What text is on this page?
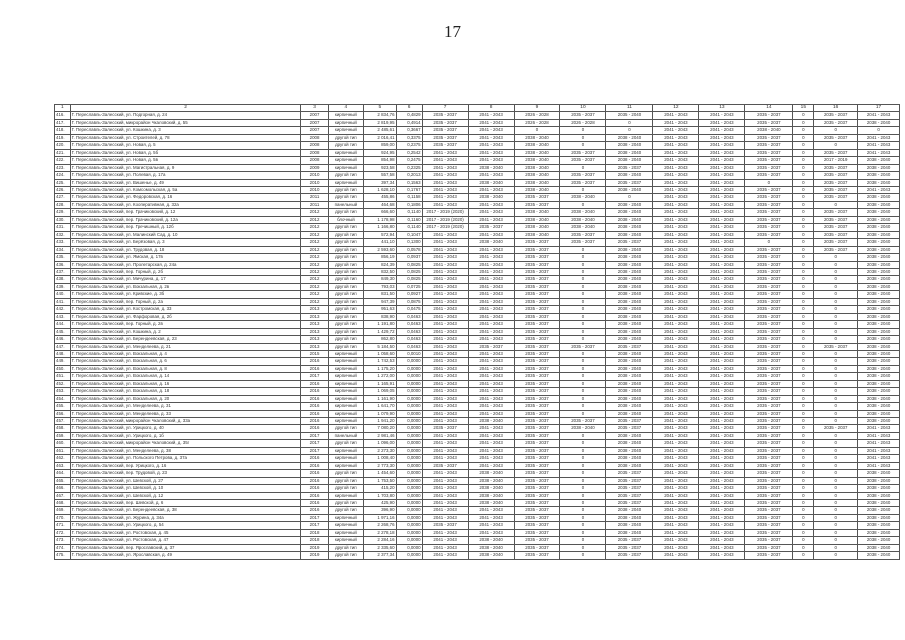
17
1	2	3	4	5	6	7	8	9	10	11	12	13	14	15	16	17
416.	Г. Переславль-Залесский, ул. Подгорная, д. 24	2007	кирпичный	2 834,76	0,4829	2035 - 2037	2041 - 2043	2026 - 2028	2035 - 2037	2035 - 2040	2041 - 2043	2041 - 2043	2035 - 2037	0	2035 - 2037	2041 - 2043
417.	Г. Переславль-Залесский, микрорайон Чкаловский, д. 55	2007	кирпичный	2 819,95	0,4914	2035 - 2037	2041 - 2043	2026 - 2028	2026 - 2028	0	2041 - 2043	2041 - 2043	2035 - 2037	0	2035 - 2037	2038 - 2040
418.	Г. Переславль-Залесский, ул. Кошкина, д. 3	2007	кирпичный	2 485,61	0,3667	2035 - 2037	2041 - 2043	0	0	0	2041 - 2043	2041 - 2043	2038 - 2040	0	0	0
419.	Г. Переславль-Залесский, ул. Строителей, д. 78	2008	другой тип	2 016,41	0,3375	2035 - 2037	2041 - 2043	2038 - 2040	0	2038 - 2040	2041 - 2043	2041 - 2043	2035 - 2037	0	2035 - 2037	2041 - 2043
420.	Г. Переславль-Залесский, ул. Новая, д. 5	2008	другой тип	859,00	0,2375	2035 - 2037	2041 - 2043	2038 - 2040	0	2038 - 2040	2041 - 2043	2041 - 2043	2035 - 2037	0	0	2041 - 2043
421.	Г. Переславль-Залесский, ул. Новая, д. 5б	2008	кирпичный	924,95	0,2542	2041 - 2043	2041 - 2043	2038 - 2040	2035 - 2037	2038 - 2040	2041 - 2043	2041 - 2043	2035 - 2037	0	2035 - 2037	2041 - 2043
422.	Г. Переславль-Залесский, ул. Новая, д. 5в	2008	кирпичный	854,98	0,2475	2041 - 2043	2041 - 2043	2038 - 2040	2035 - 2037	2038 - 2040	2041 - 2043	2041 - 2043	2035 - 2037	0	2017 - 2019	2038 - 2040
423.	Г. Переславль-Залесский, ул. Магистральная, д. 9	2009	кирпичный	923,58	0,2325	2041 - 2043	2038 - 2040	2038 - 2040	0	2035 - 2037	2041 - 2043	2041 - 2043	2035 - 2037	0	2035 - 2037	2038 - 2040
424.	Г. Переславль-Залесский, ул. Полевая, д. 17а	2010	другой тип	557,58	0,2013	2041 - 2043	2041 - 2043	2038 - 2040	2035 - 2037	2038 - 2040	2041 - 2043	2041 - 2043	2035 - 2037	0	2035 - 2037	2038 - 2040
425.	Г. Переславль-Залесский, ул. Вишенье, д. 49	2010	кирпичный	397,34	0,1563	2041 - 2043	2038 - 2040	2038 - 2040	2035 - 2037	2035 - 2037	2041 - 2043	2041 - 2043	0	0	2035 - 2037	2038 - 2040
426.	Г. Переславль-Залесский, ул. Комсомольская, д. 5а	2010	другой тип	1 628,10	0,1767	2041 - 2043	2041 - 2043	2038 - 2040	0	2038 - 2040	2041 - 2043	2041 - 2043	2035 - 2037	0	2035 - 2037	2041 - 2043
427.	Г. Переславль-Залесский, ул. Федоровская, д. 16	2011	другой тип	455,86	0,1158	2041 - 2043	2038 - 2040	2035 - 2037	2038 - 2040	0	2041 - 2043	2041 - 2043	2035 - 2037	0	2035 - 2037	2038 - 2040
428.	Г. Переславль-Залесский, ул. Кооперативная, д. 32а	2011	панельный	464,68	0,1806	2041 - 2043	2041 - 2043	2035 - 2037	0	2038 - 2040	2041 - 2043	2041 - 2043	2035 - 2037	0	0	2038 - 2040
429.	Г. Переславль-Залесский, пер. Грачиковский, д. 12	2012	другой тип	666,60	0,1140	2017 - 2019 (2020)	2041 - 2043	2038 - 2040	2038 - 2040	2038 - 2040	2041 - 2043	2041 - 2043	2035 - 2037	0	2035 - 2037	2038 - 2040
430.	Г. Переславль-Залесский, пер. Грачиковский, д. 12а	2012	блочный	1 178,98	0,1160	2017 - 2019 (2020)	2041 - 2043	2038 - 2040	2038 - 2040	2038 - 2040	2041 - 2043	2041 - 2043	2035 - 2037	0	2035 - 2037	2038 - 2040
431.	Г. Переславль-Залесский, пер. Гречишный, д. 12б	2012	другой тип	1 166,80	0,1140	2017 - 2019 (2020)	2035 - 2037	2038 - 2040	2038 - 2040	2038 - 2040	2041 - 2043	2041 - 2043	2035 - 2037	0	2035 - 2037	2038 - 2040
432.	Г. Переславль-Залесский, ул. Малинский Сад, д. 10	2012	другой тип	572,94	0,1047	2041 - 2043	2041 - 2043	2038 - 2040	2035 - 2037	2038 - 2040	2041 - 2043	2041 - 2043	2035 - 2037	0	2035 - 2037	2038 - 2040
433.	Г. Переславль-Залесский, ул. Берёзовая, д. 3	2012	другой тип	441,10	0,1300	2041 - 2043	2038 - 2040	2035 - 2037	2035 - 2037	2035 - 2037	2041 - 2043	2041 - 2043	0	0	2035 - 2037	2038 - 2040
434.	Г. Переславль-Залесский, ул. Трудовая, д. 18	2012	другой тип	2 593,60	0,0578	2041 - 2043	2041 - 2043	2035 - 2037	0	2038 - 2040	2041 - 2043	2041 - 2043	2035 - 2037	0	2035 - 2037	2038 - 2040
435.	Г. Переславль-Залесский, ул. Ямская, д. 17в	2012	другой тип	856,19	0,0937	2041 - 2043	2041 - 2043	2035 - 2037	0	2038 - 2040	2041 - 2043	2041 - 2043	2035 - 2037	0	0	2038 - 2040
436.	Г. Переславль-Залесский, ул. Пролетарская, д. 24а	2012	другой тип	824,39	0,0825	2041 - 2043	2041 - 2043	2035 - 2037	0	2038 - 2040	2041 - 2043	2041 - 2043	2035 - 2037	0	0	2038 - 2040
437.	Г. Переславль-Залесский, пер. Горный, д. 2б	2012	другой тип	832,50	0,0825	2041 - 2043	2041 - 2043	2035 - 2037	0	2038 - 2040	2041 - 2043	2041 - 2043	2035 - 2037	0	0	2038 - 2040
438.	Г. Переславль-Залесский, ул. Мичурина, д. 17	2012	другой тип	849,30	0,0825	2041 - 2043	2041 - 2043	2035 - 2037	0	2038 - 2040	2041 - 2043	2041 - 2043	2035 - 2037	0	0	2038 - 2040
439.	Г. Переславль-Залесский, ул. Вокзальная, д. 2в	2012	другой тип	793,03	0,0725	2041 - 2043	2041 - 2043	2035 - 2037	0	2038 - 2040	2041 - 2043	2041 - 2043	2035 - 2037	0	0	2038 - 2040
440.	Г. Переславль-Залесский, ул. Кривские, д. 3б	2012	другой тип	831,50	0,0927	2041 - 2043	2041 - 2043	2035 - 2037	0	2038 - 2040	2041 - 2043	2041 - 2043	2035 - 2037	0	0	2038 - 2040
441.	Г. Переславль-Залесский, пер. Горный, д. 2а	2012	другой тип	947,39	0,0875	2041 - 2043	2041 - 2043	2035 - 2037	0	2038 - 2040	2041 - 2043	2041 - 2043	2035 - 2037	0	0	2038 - 2040
442.	Г. Переславль-Залесский, ул. Костромская, д. 33	2013	другой тип	951,63	0,0475	2041 - 2043	2041 - 2043	2035 - 2037	0	2038 - 2040	2041 - 2043	2041 - 2043	2035 - 2037	0	0	2038 - 2040
443.	Г. Переславль-Залесский, ул. Фарфоровая, д. 2б	2013	другой тип	838,90	0,0463	2041 - 2043	2041 - 2043	2035 - 2037	0	2038 - 2040	2041 - 2043	2041 - 2043	2035 - 2037	0	0	2038 - 2040
444.	Г. Переславль-Залесский, пер. Горный, д. 2в	2013	другой тип	1 191,80	0,0463	2041 - 2043	2041 - 2043	2035 - 2037	0	2038 - 2040	2041 - 2043	2041 - 2043	2035 - 2037	0	0	2038 - 2040
445.	Г. Переславль-Залесский, ул. Кошкина, д. 2	2013	другой тип	1 429,72	0,0463	2041 - 2043	2041 - 2043	2035 - 2037	0	2038 - 2040	2041 - 2043	2041 - 2043	2035 - 2037	0	0	2038 - 2040
446.	Г. Переславль-Залесский, ул. Берендеевская, д. 23	2013	другой тип	862,80	0,0463	2041 - 2043	2041 - 2043	2035 - 2037	0	2038 - 2040	2041 - 2043	2041 - 2043	2035 - 2037	0	0	2038 - 2040
447.	Г. Переславль-Залесский, ул. Менделеева, д. 21	2013	другой тип	5 184,50	0,0463	2041 - 2043	2035 - 2037	2035 - 2037	2035 - 2037	2035 - 2037	2041 - 2043	2041 - 2043	2035 - 2037	0	2035 - 2037	2038 - 2040
448.	Г. Переславль-Залесский, ул. Вокзальная, д. 4	2015	кирпичный	1 058,60	0,0010	2041 - 2043	2041 - 2043	2035 - 2037	0	2038 - 2040	2041 - 2043	2041 - 2043	2035 - 2037	0	0	2038 - 2040
449.	Г. Переславль-Залесский, ул. Вокзальная, д. 6	2016	кирпичный	1 742,53	0,0000	2041 - 2043	2041 - 2043	2035 - 2037	0	2038 - 2040	2041 - 2043	2041 - 2043	2035 - 2037	0	0	2038 - 2040
450.	Г. Переславль-Залесский, ул. Вокзальная, д. 8	2016	кирпичный	1 175,20	0,0000	2041 - 2043	2041 - 2043	2035 - 2037	0	2038 - 2040	2041 - 2043	2041 - 2043	2035 - 2037	0	0	2038 - 2040
451.	Г. Переславль-Залесский, ул. Вокзальная, д. 14	2017	кирпичный	1 272,00	0,0000	2041 - 2043	2041 - 2043	2035 - 2037	0	2038 - 2040	2041 - 2043	2041 - 2043	2035 - 2037	0	0	2038 - 2040
452.	Г. Переславль-Залесский, ул. Вокзальная, д. 16	2016	кирпичный	1 165,91	0,0000	2041 - 2043	2041 - 2043	2035 - 2037	0	2038 - 2040	2041 - 2043	2041 - 2043	2035 - 2037	0	0	2038 - 2040
453.	Г. Переславль-Залесский, ул. Вокзальная, д. 18	2016	кирпичный	1 069,05	0,0000	2041 - 2043	2041 - 2043	2035 - 2037	0	2038 - 2040	2041 - 2043	2041 - 2043	2035 - 2037	0	0	2038 - 2040
454.	Г. Переславль-Залесский, ул. Вокзальная, д. 20	2016	кирпичный	1 161,90	0,0000	2041 - 2043	2041 - 2043	2035 - 2037	0	2038 - 2040	2041 - 2043	2041 - 2043	2035 - 2037	0	0	2038 - 2040
455.	Г. Переславль-Залесский, ул. Менделеева, д. 31	2016	кирпичный	1 641,70	0,0000	2041 - 2043	2041 - 2043	2035 - 2037	0	2038 - 2040	2041 - 2043	2041 - 2043	2035 - 2037	0	0	2038 - 2040
456.	Г. Переславль-Залесский, ул. Менделеева, д. 33	2016	кирпичный	1 079,90	0,0000	2041 - 2043	2041 - 2043	2035 - 2037	0	2038 - 2040	2041 - 2043	2041 - 2043	2035 - 2037	0	0	2038 - 2040
457.	Г. Переславль-Залесский, микрорайон Чкаловский, д. 33а	2016	кирпичный	1 941,20	0,0000	2041 - 2043	2038 - 2040	2035 - 2037	2035 - 2037	2035 - 2037	2041 - 2043	2041 - 2043	2035 - 2037	0	0	2038 - 2040
458.	Г. Переславль-Залесский, ул. Урицкого, д. 40	2016	другой тип	7 080,20	0,0000	2035 - 2037	2041 - 2043	2035 - 2037	2038 - 2040	2035 - 2037	2041 - 2043	2041 - 2043	2035 - 2037	0	2035 - 2037	2041 - 2043
459.	Г. Переславль-Залесский, ул. Урицкого, д. 1б	2017	панельный	2 981,46	0,0000	2041 - 2043	2041 - 2043	2035 - 2037	0	2038 - 2040	2041 - 2043	2041 - 2043	2035 - 2037	0	0	2041 - 2043
460.	Г. Переславль-Залесский, микрорайон Чкаловский, д. 35г	2017	другой тип	1 096,00	0,0000	2041 - 2043	2041 - 2043	2035 - 2037	0	2038 - 2040	2041 - 2043	2041 - 2043	2035 - 2037	0	0	2041 - 2043
461.	Г. Переславль-Залесский, ул. Менделеева, д. 38	2017	кирпичный	2 273,30	0,0000	2041 - 2043	2041 - 2043	2035 - 2037	0	2038 - 2040	2041 - 2043	2041 - 2043	2035 - 2037	0	0	2041 - 2043
462.	Г. Переславль-Залесский, ул. Польского Петрова, д. 37а	2016	кирпичный	1 008,40	0,0000	2041 - 2043	2041 - 2043	2035 - 2037	0	2038 - 2040	2041 - 2043	2041 - 2043	2035 - 2037	0	0	2041 - 2043
463.	Г. Переславль-Залесский, пер. Урицкого, д. 16	2016	кирпичный	2 773,30	0,0000	2035 - 2037	2041 - 2043	2035 - 2037	0	2038 - 2040	2041 - 2043	2041 - 2043	2035 - 2037	0	0	2041 - 2043
464.	Г. Переславль-Залесский, пер. Трудовой, д. 23	2016	другой тип	1 454,60	0,0000	2041 - 2043	2038 - 2040	2035 - 2037	0	2035 - 2037	2041 - 2043	2041 - 2043	2035 - 2037	0	0	2038 - 2040
465.	Г. Переславль-Залесский, ул. Шевской, д. 27	2016	другой тип	1 753,50	0,0000	2041 - 2043	2038 - 2040	2035 - 2037	0	2035 - 2037	2041 - 2043	2041 - 2043	2035 - 2037	0	0	2038 - 2040
466.	Г. Переславль-Залесский, ул. Шевской, д. 10	2016	другой тип	415,20	0,0000	2041 - 2043	2038 - 2040	2035 - 2037	0	2035 - 2037	2041 - 2043	2041 - 2043	2035 - 2037	0	0	2038 - 2040
467.	Г. Переславль-Залесский, ул. Шевской, д. 12	2016	кирпичный	1 703,80	0,0000	2041 - 2043	2038 - 2040	2035 - 2037	0	2035 - 2037	2041 - 2043	2041 - 2043	2035 - 2037	0	0	2038 - 2040
468.	Г. Переславль-Залесский, пер. Шевской, д. 6	2016	другой тип	425,90	0,0000	2041 - 2043	2038 - 2040	2035 - 2037	0	2035 - 2037	2041 - 2043	2041 - 2043	2035 - 2037	0	0	2038 - 2040
469.	Г. Переславль-Залесский, ул. Берендеевская, д. 38	2016	другой тип	396,90	0,0000	2041 - 2043	2041 - 2043	2035 - 2037	0	2038 - 2040	2041 - 2043	2041 - 2043	2035 - 2037	0	0	2038 - 2040
470.	Г. Переславль-Залесский, ул. Журина, д. 34а	2017	кирпичный	1 971,16	0,0000	2041 - 2043	2041 - 2043	2035 - 2037	0	2038 - 2040	2041 - 2043	2041 - 2043	2035 - 2037	0	0	2038 - 2040
471.	Г. Переславль-Залесский, ул. Урицкого, д. 54	2017	кирпичный	2 268,76	0,0000	2035 - 2037	2041 - 2043	2035 - 2037	0	2038 - 2040	2041 - 2043	2041 - 2043	2035 - 2037	0	0	2038 - 2040
472.	Г. Переславль-Залесский, ул. Ростовская, д. 45	2018	кирпичный	2 278,18	0,0000	2041 - 2043	2041 - 2043	2035 - 2037	0	2038 - 2040	2041 - 2043	2041 - 2043	2035 - 2037	0	0	2038 - 2040
473.	Г. Переславль-Залесский, ул. Ростовская, д. 47	2018	кирпичный	2 284,16	0,0000	2041 - 2043	2038 - 2040	2035 - 2037	0	2035 - 2037	2041 - 2043	2041 - 2043	2035 - 2037	0	0	2038 - 2040
474.	Г. Переславль-Залесский, пер. Ярославский, д. 37	2019	другой тип	2 335,60	0,0000	2041 - 2043	2038 - 2040	2035 - 2037	0	2035 - 2037	2041 - 2043	2041 - 2043	2035 - 2037	0	0	2038 - 2040
475.	Г. Переславль-Залесский, ул. Ярославская, д. 49	2019	другой тип	2 377,34	0,0000	2041 - 2043	2038 - 2040	2035 - 2037	0	2035 - 2037	2041 - 2043	2041 - 2043	2035 - 2037	0	0	2038 - 2040
